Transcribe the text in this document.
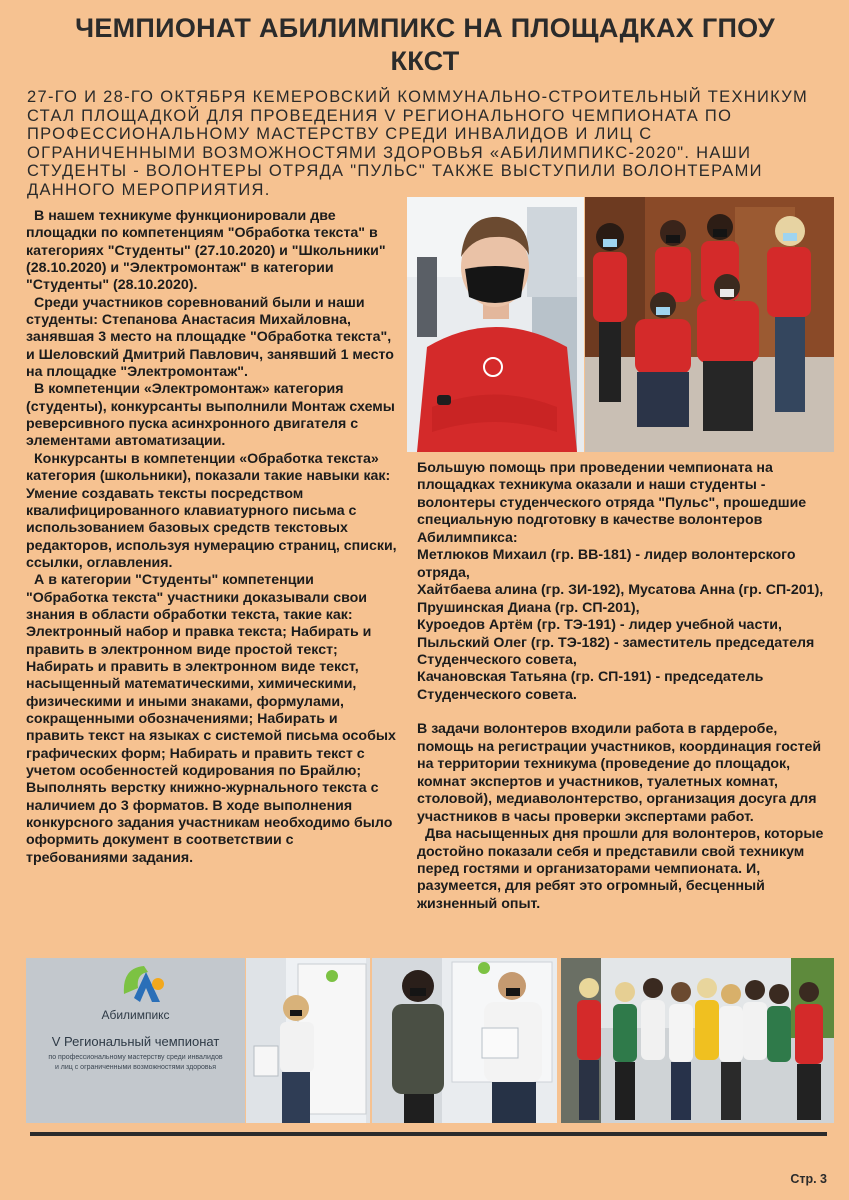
ЧЕМПИОНАТ АБИЛИМПИКС НА ПЛОЩАДКАХ ГПОУ ККСТ
27-ГО И 28-ГО ОКТЯБРЯ КЕМЕРОВСКИЙ КОММУНАЛЬНО-СТРОИТЕЛЬНЫЙ ТЕХНИКУМ СТАЛ ПЛОЩАДКОЙ ДЛЯ ПРОВЕДЕНИЯ V РЕГИОНАЛЬНОГО ЧЕМПИОНАТА ПО ПРОФЕССИОНАЛЬНОМУ МАСТЕРСТВУ СРЕДИ ИНВАЛИДОВ И ЛИЦ С ОГРАНИЧЕННЫМИ ВОЗМОЖНОСТЯМИ ЗДОРОВЬЯ «АБИЛИМПИКС-2020". НАШИ СТУДЕНТЫ - ВОЛОНТЕРЫ ОТРЯДА "ПУЛЬС" ТАКЖЕ ВЫСТУПИЛИ ВОЛОНТЕРАМИ ДАННОГО МЕРОПРИЯТИЯ.

В нашем техникуме функционировали две площадки по компетенциям "Обработка текста" в категориях "Студенты" (27.10.2020) и "Школьники" (28.10.2020) и "Электромонтаж" в категории "Студенты" (28.10.2020).

Среди участников соревнований были и наши студенты: Степанова Анастасия Михайловна, занявшая 3 место на площадке "Обработка текста", и Шеловский Дмитрий Павлович, занявший 1 место на площадке "Электромонтаж".

В компетенции «Электромонтаж» категория (студенты), конкурсанты выполнили Монтаж схемы реверсивного пуска асинхронного двигателя с элементами автоматизации.

Конкурсанты в компетенции «Обработка текста» категория (школьники), показали такие навыки как: Умение создавать тексты посредством квалифицированного клавиатурного письма с использованием базовых средств текстовых редакторов, используя нумерацию страниц, списки, ссылки, оглавления.

А в категории "Студенты" компетенции "Обработка текста" участники доказывали свои знания в области обработки текста, такие как: Электронный набор и правка текста; Набирать и править в электронном виде простой текст; Набирать и править в электронном виде текст, насыщенный математическими, химическими, физическими и иными знаками, формулами, сокращенными обозначениями; Набирать и править текст на языках с системой письма особых графических форм; Набирать и править текст с учетом особенностей кодирования по Брайлю; Выполнять верстку книжно-журнального текста с наличием до 3 форматов. В ходе выполнения конкурсного задания участникам необходимо было оформить документ в соответствии с требованиями задания.

Большую помощь при проведении чемпионата на площадках техникума оказали и наши студенты - волонтеры студенческого отряда "Пульс", прошедшие специальную подготовку в качестве волонтеров Абилимпикса:

Метлюков Михаил (гр. ВВ-181) - лидер волонтерского отряда,

Хайтбаева алина (гр. ЗИ-192), Мусатова Анна (гр. СП-201), Прушинская Диана (гр. СП-201),

Куроедов Артём (гр. ТЭ-191) - лидер учебной части,

Пыльский Олег (гр. ТЭ-182) - заместитель председателя Студенческого совета,

Качановская Татьяна (гр. СП-191) - председатель Студенческого совета.

В задачи волонтеров входили работа в гардеробе, помощь на регистрации участников, координация гостей на территории техникума (проведение до площадок, комнат экспертов и участников, туалетных комнат, столовой), медиаволонтерство, организация досуга для участников в часы проверки экспертами работ.

Два насыщенных дня прошли для волонтеров, которые достойно показали себя и представили свой техникум перед гостями и организаторами чемпионата. И, разумеется, для ребят это огромный, бесценный жизненный опыт.

Абилимпикс
V Региональный чемпионат
по профессиональному мастерству среди инвалидов
и лиц с ограниченными возможностями здоровья
Стр. 3
